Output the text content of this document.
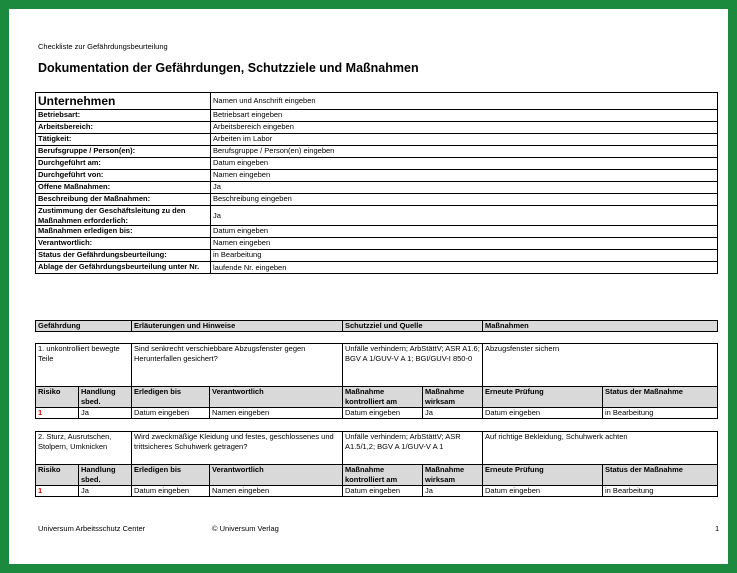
Checkliste zur Gefährdungsbeurteilung
Dokumentation der Gefährdungen, Schutzziele und Maßnahmen
Unternehmen	Namen und Anschrift eingeben
Betriebsart:	Betriebsart eingeben
Arbeitsbereich:	Arbeitsbereich eingeben
Tätigkeit:	Arbeiten im Labor
Berufsgruppe / Person(en):	Berufsgruppe / Person(en) eingeben
Durchgeführt am:	Datum eingeben
Durchgeführt von:	Namen eingeben
Offene Maßnahmen:	Ja
Beschreibung der Maßnahmen:	Beschreibung eingeben
Zustimmung der Geschäftsleitung zu den Maßnahmen erforderlich:	Ja
Maßnahmen erledigen bis:	Datum eingeben
Verantwortlich:	Namen eingeben
Status der Gefährdungsbeurteilung:	in Bearbeitung
Ablage der Gefährdungsbeurteilung unter Nr.	laufende Nr. eingeben
Gefährdung	Erläuterungen und Hinweise	Schutzziel und Quelle	Maßnahmen
1. unkontrolliert bewegte Teile		Sind senkrecht verschiebbare Abzugsfenster gegen Herunterfallen gesichert?		Unfälle verhindern; ArbStättV; ASR A1.6; BGV A 1/GUV-V A 1; BGI/GUV-I 850-0		Abzugsfenster sichern	
Risiko	Handlung sbed.	Erledigen bis	Verantwortlich	Maßnahme kontrolliert am	Maßnahme wirksam	Erneute Prüfung	Status der Maßnahme
1	Ja	Datum eingeben	Namen eingeben	Datum eingeben	Ja	Datum eingeben	in Bearbeitung
2. Sturz, Ausrutschen, Stolpern, Umknicken		Wird zweckmäßige Kleidung und festes, geschlossenes und trittsicheres Schuhwerk getragen?		Unfälle verhindern; ArbStättV; ASR A1.5/1,2; BGV A 1/GUV-V A 1		Auf richtige Bekleidung, Schuhwerk achten	
Risiko	Handlung sbed.	Erledigen bis	Verantwortlich	Maßnahme kontrolliert am	Maßnahme wirksam	Erneute Prüfung	Status der Maßnahme
1	Ja	Datum eingeben	Namen eingeben	Datum eingeben	Ja	Datum eingeben	in Bearbeitung
Universum Arbeitsschutz Center	© Universum Verlag	1
